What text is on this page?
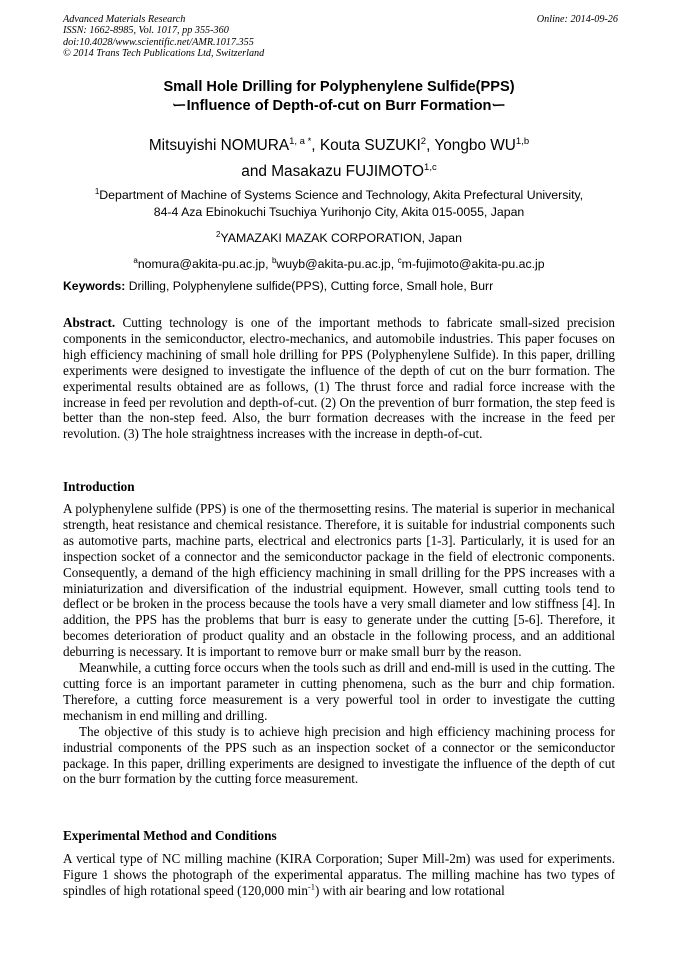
Advanced Materials Research	Online: 2014-09-26
ISSN: 1662-8985, Vol. 1017, pp 355-360
doi:10.4028/www.scientific.net/AMR.1017.355
© 2014 Trans Tech Publications Ltd, Switzerland
Small Hole Drilling for Polyphenylene Sulfide(PPS)
ーInfluence of Depth-of-cut on Burr Formationー
Mitsuyishi $NOMURA^{1, a *}$, Kouta SUZUKI$^2$, Yongbo WU$^{1,b}$
and Masakazu FUJIMOTO$^{1,c}$
$^1$Department of Machine of Systems Science and Technology, Akita Prefectural University,
84-4 Aza Ebinokuchi Tsuchiya Yurihonjo City, Akita 015-0055, Japan
$^2$YAMAZAKI MAZAK CORPORATION, Japan
$^a$nomura@akita-pu.ac.jp, $^b$wuyb@akita-pu.ac.jp, $^c$m-fujimoto@akita-pu.ac.jp
Keywords: Drilling, Polyphenylene sulfide(PPS), Cutting force, Small hole, Burr

Abstract. Cutting technology is one of the important methods to fabricate small-sized precision components in the semiconductor, electro-mechanics, and automobile industries. This paper focuses on high efficiency machining of small hole drilling for PPS (Polyphenylene Sulfide). In this paper, drilling experiments were designed to investigate the influence of the depth of cut on the burr formation. The experimental results obtained are as follows, (1) The thrust force and radial force increase with the increase in feed per revolution and depth-of-cut. (2) On the prevention of burr formation, the step feed is better than the non-step feed. Also, the burr formation decreases with the increase in the feed per revolution. (3) The hole straightness increases with the increase in depth-of-cut.

Introduction

A polyphenylene sulfide (PPS) is one of the thermosetting resins. The material is superior in mechanical strength, heat resistance and chemical resistance. Therefore, it is suitable for industrial components such as automotive parts, machine parts, electrical and electronics parts [1-3]. Particularly, it is used for an inspection socket of a connector and the semiconductor package in the field of electronic components. Consequently, a demand of the high efficiency machining in small drilling for the PPS increases with a miniaturization and diversification of the industrial equipment. However, small cutting tools tend to deflect or be broken in the process because the tools have a very small diameter and low stiffness [4]. In addition, the PPS has the problems that burr is easy to generate under the cutting [5-6]. Therefore, it becomes deterioration of product quality and an obstacle in the following process, and an additional deburring is necessary. It is important to remove burr or make small burr by the reason.

Meanwhile, a cutting force occurs when the tools such as drill and end-mill is used in the cutting. The cutting force is an important parameter in cutting phenomena, such as the burr and chip formation. Therefore, a cutting force measurement is a very powerful tool in order to investigate the cutting mechanism in end milling and drilling.

The objective of this study is to achieve high precision and high efficiency machining process for industrial components of the PPS such as an inspection socket of a connector or the semiconductor package. In this paper, drilling experiments are designed to investigate the influence of the depth of cut on the burr formation by the cutting force measurement.

Experimental Method and Conditions

A vertical type of NC milling machine (KIRA Corporation; Super Mill-2m) was used for experiments. Figure 1 shows the photograph of the experimental apparatus. The milling machine has two types of spindles of high rotational speed (120,000 $\min^{-1}$) with air bearing and low rotational
